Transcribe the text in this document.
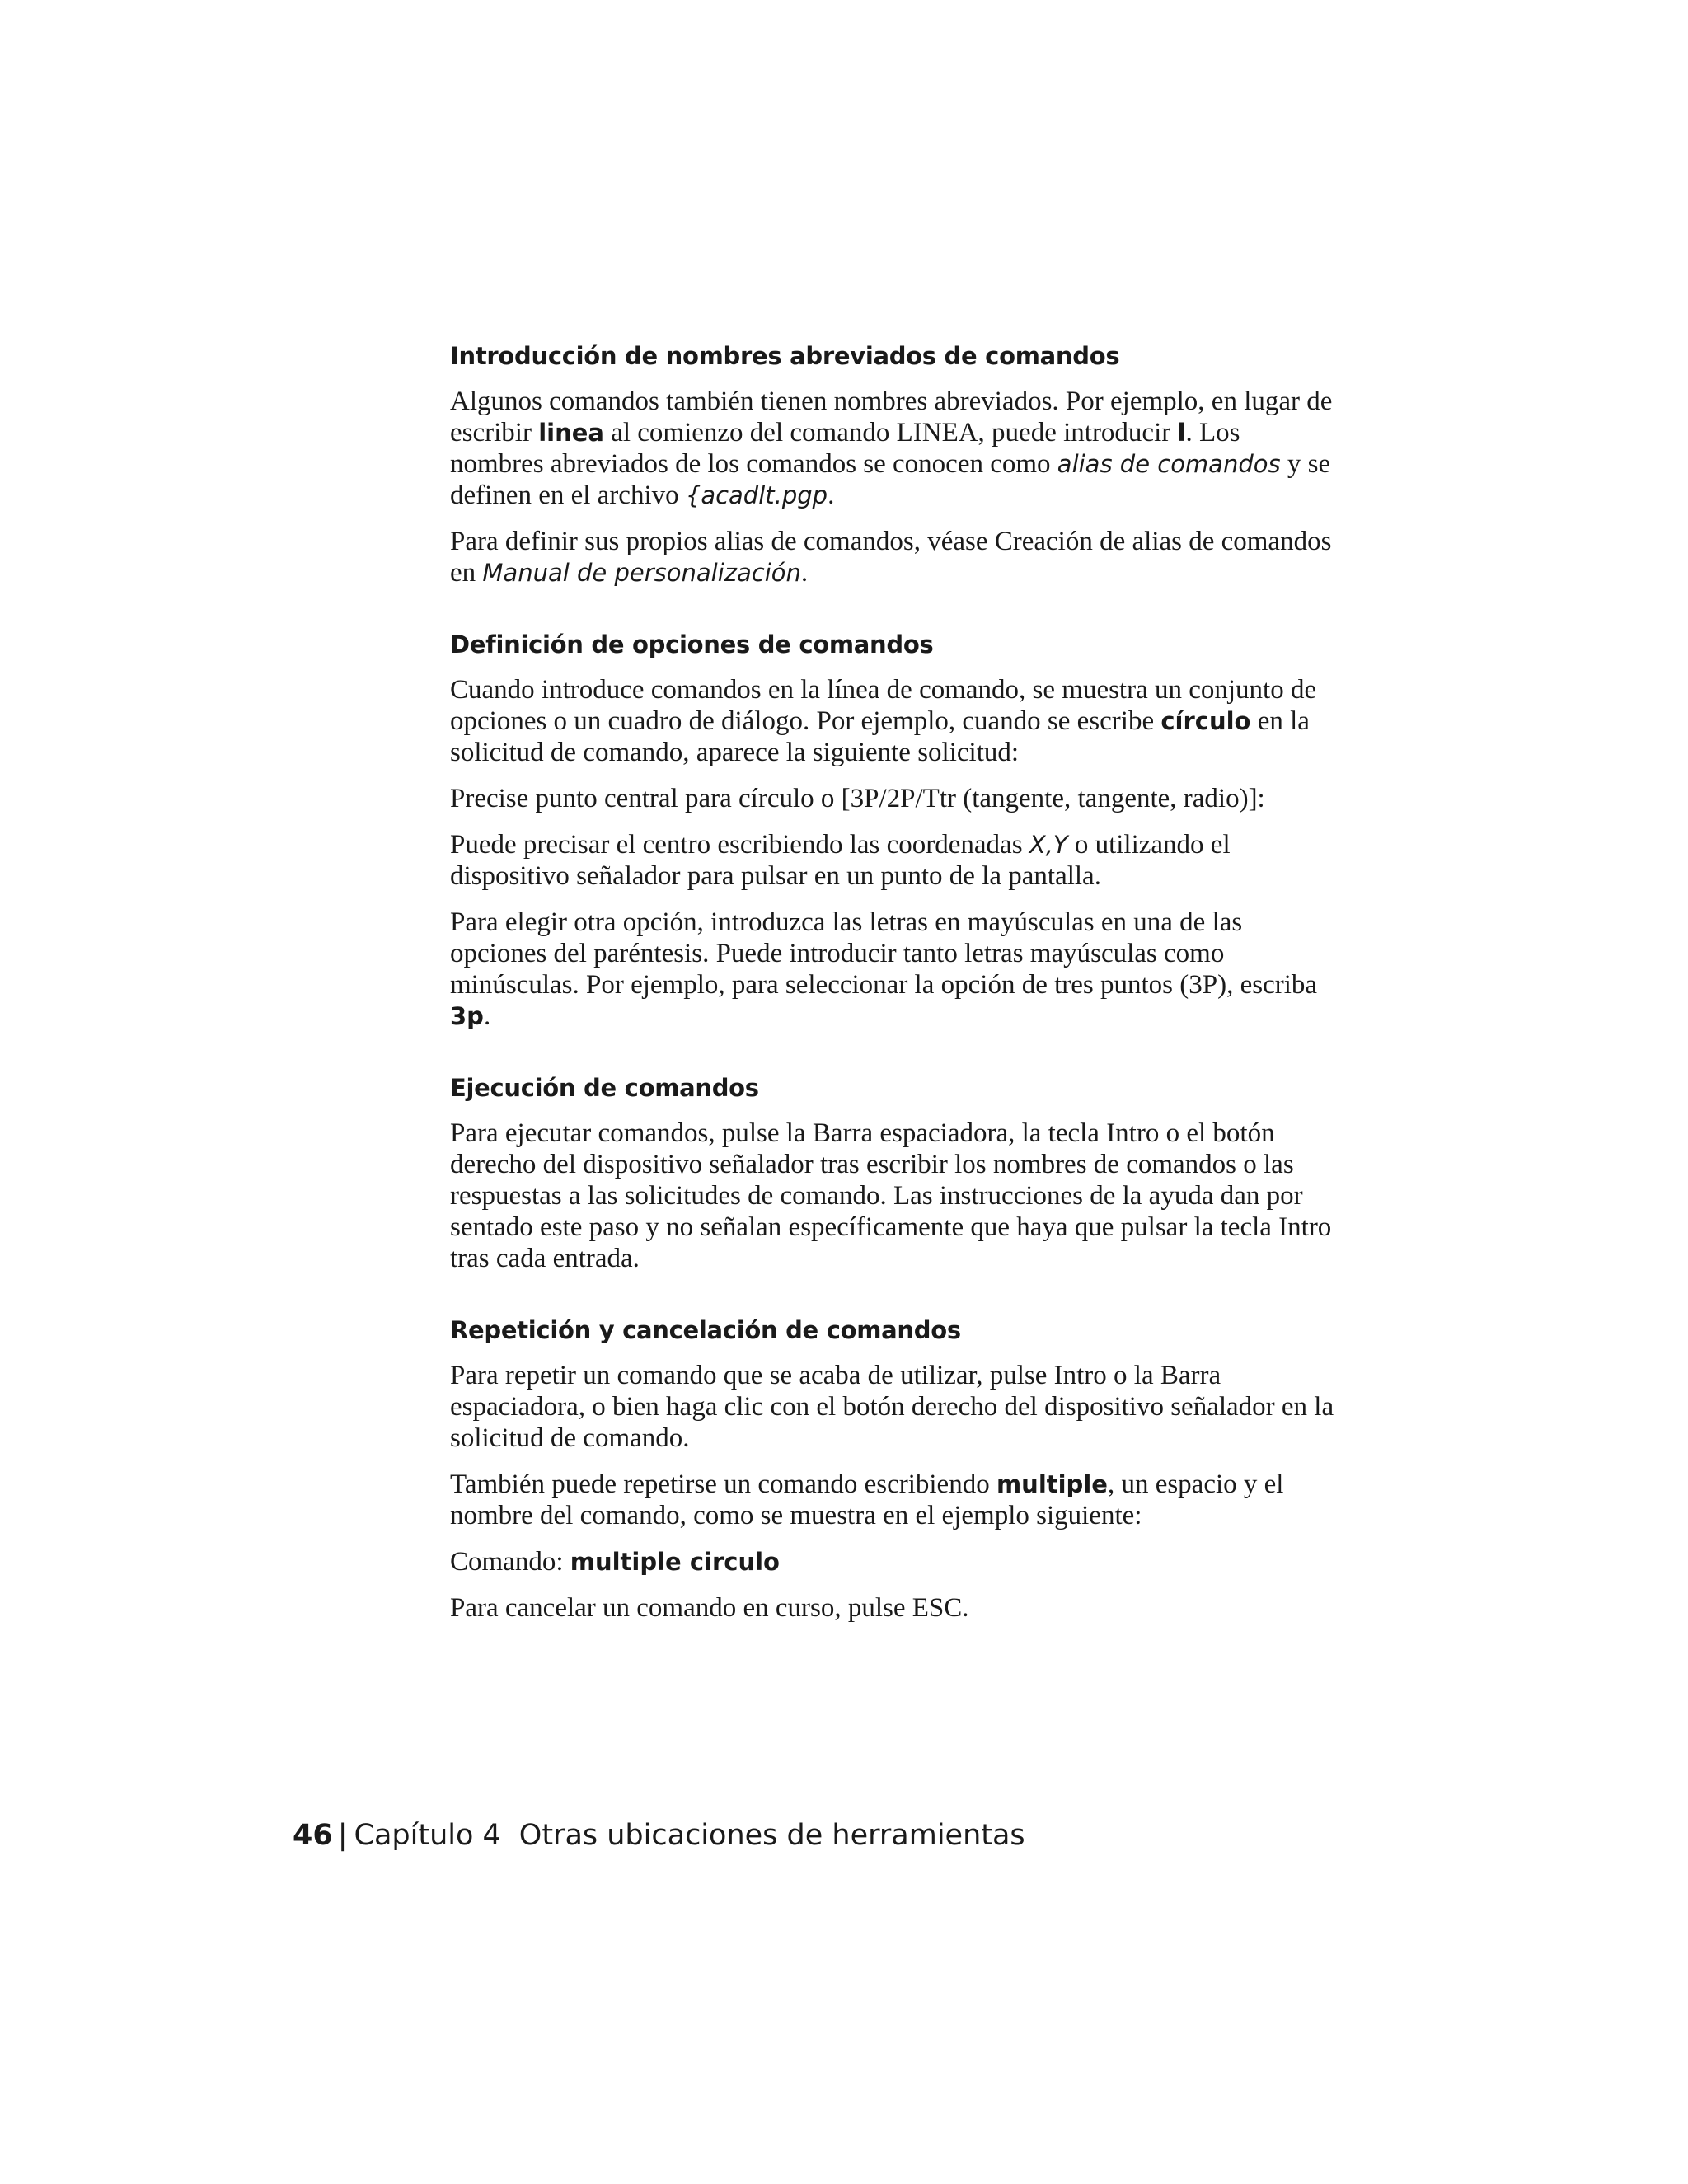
Introducción de nombres abreviados de comandos

Algunos comandos también tienen nombres abreviados. Por ejemplo, en lugar de escribir linea al comienzo del comando LINEA, puede introducir l. Los nombres abreviados de los comandos se conocen como alias de comandos y se definen en el archivo {acadlt.pgp.

Para definir sus propios alias de comandos, véase Creación de alias de comandos en Manual de personalización.

Definición de opciones de comandos

Cuando introduce comandos en la línea de comando, se muestra un conjunto de opciones o un cuadro de diálogo. Por ejemplo, cuando se escribe círculo en la solicitud de comando, aparece la siguiente solicitud:

Precise punto central para círculo o [3P/2P/Ttr (tangente, tangente, radio)]:

Puede precisar el centro escribiendo las coordenadas X,Y o utilizando el dispositivo señalador para pulsar en un punto de la pantalla.

Para elegir otra opción, introduzca las letras en mayúsculas en una de las opciones del paréntesis. Puede introducir tanto letras mayúsculas como minúsculas. Por ejemplo, para seleccionar la opción de tres puntos (3P), escriba 3p.

Ejecución de comandos

Para ejecutar comandos, pulse la Barra espaciadora, la tecla Intro o el botón derecho del dispositivo señalador tras escribir los nombres de comandos o las respuestas a las solicitudes de comando. Las instrucciones de la ayuda dan por sentado este paso y no señalan específicamente que haya que pulsar la tecla Intro tras cada entrada.

Repetición y cancelación de comandos

Para repetir un comando que se acaba de utilizar, pulse Intro o la Barra espaciadora, o bien haga clic con el botón derecho del dispositivo señalador en la solicitud de comando.

También puede repetirse un comando escribiendo multiple, un espacio y el nombre del comando, como se muestra en el ejemplo siguiente:

Comando: multiple circulo

Para cancelar un comando en curso, pulse ESC.

46 | Capítulo 4 Otras ubicaciones de herramientas
